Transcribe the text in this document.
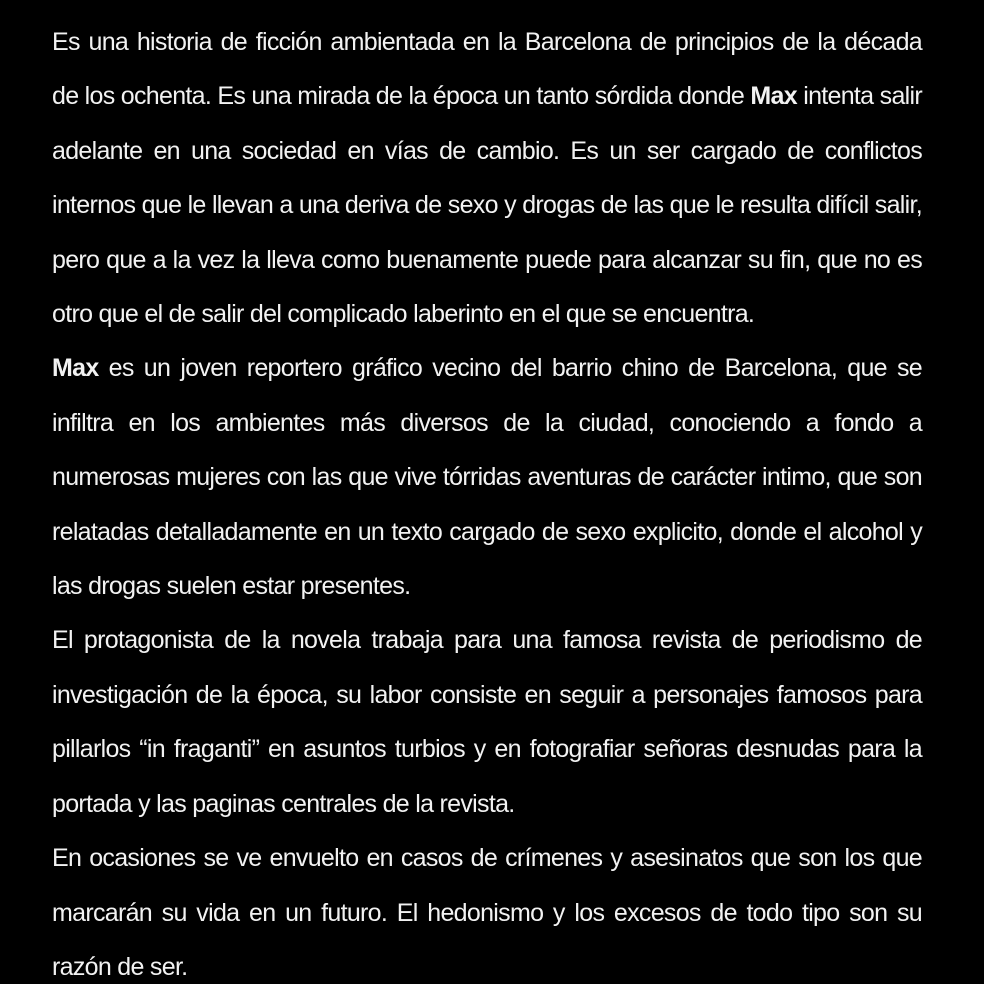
Es una historia de ficción ambientada en la Barcelona de principios de la década de los ochenta. Es una mirada de la época un tanto sórdida donde Max intenta salir adelante en una sociedad en vías de cambio. Es un ser cargado de conflictos internos que le llevan a una deriva de sexo y drogas de las que le resulta difícil salir, pero que a la vez la lleva como buenamente puede para alcanzar su fin, que no es otro que el de salir del complicado laberinto en el que se encuentra.

Max es un joven reportero gráfico vecino del barrio chino de Barcelona, que se infiltra en los ambientes más diversos de la ciudad, conociendo a fondo a numerosas mujeres con las que vive tórridas aventuras de carácter intimo, que son relatadas detalladamente en un texto cargado de sexo explicito, donde el alcohol y las drogas suelen estar presentes.

El protagonista de la novela trabaja para una famosa revista de periodismo de investigación de la época, su labor consiste en seguir a personajes famosos para pillarlos “in fraganti” en asuntos turbios y en fotografiar señoras desnudas para la portada y las paginas centrales de la revista.

En ocasiones se ve envuelto en casos de crímenes y asesinatos que son los que marcarán su vida en un futuro. El hedonismo y los excesos de todo tipo son su razón de ser.
